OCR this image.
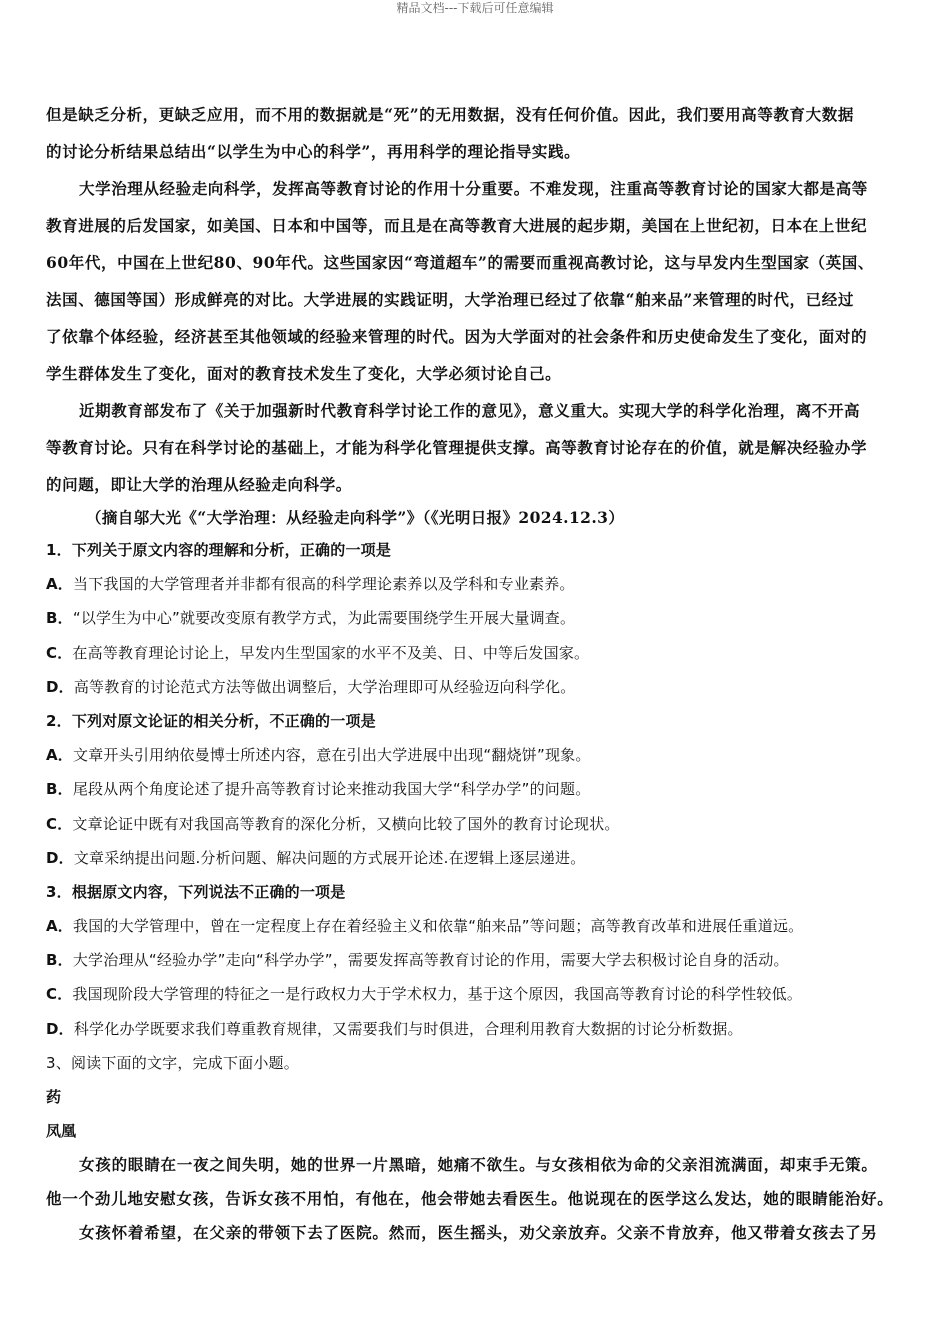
精品文档---下载后可任意编辑

但是缺乏分析，更缺乏应用，而不用的数据就是“死”的无用数据，没有任何价值。因此，我们要用高等教育大数据
的讨论分析结果总结出“以学生为中心的科学”，再用科学的理论指导实践。

大学治理从经验走向科学，发挥高等教育讨论的作用十分重要。不难发现，注重高等教育讨论的国家大都是高等
教育进展的后发国家，如美国、日本和中国等，而且是在高等教育大进展的起步期，美国在上世纪初，日本在上世纪
60年代，中国在上世纪80、90年代。这些国家因“弯道超车”的需要而重视高教讨论，这与早发内生型国家（英国、
法国、德国等国）形成鲜亮的对比。大学进展的实践证明，大学治理已经过了依靠“舶来品”来管理的时代，已经过
了依靠个体经验，经济甚至其他领域的经验来管理的时代。因为大学面对的社会条件和历史使命发生了变化，面对的
学生群体发生了变化，面对的教育技术发生了变化，大学必须讨论自己。

近期教育部发布了《关于加强新时代教育科学讨论工作的意见》，意义重大。实现大学的科学化治理，离不开高
等教育讨论。只有在科学讨论的基础上，才能为科学化管理提供支撑。高等教育讨论存在的价值，就是解决经验办学
的问题，即让大学的治理从经验走向科学。

（摘自邬大光《“大学治理：从经验走向科学”》（《光明日报》2024.12.3）
1．下列关于原文内容的理解和分析，正确的一项是
A．当下我国的大学管理者并非都有很高的科学理论素养以及学科和专业素养。
B．“以学生为中心”就要改变原有教学方式，为此需要围绕学生开展大量调查。
C．在高等教育理论讨论上，早发内生型国家的水平不及美、日、中等后发国家。
D．高等教育的讨论范式方法等做出调整后，大学治理即可从经验迈向科学化。
2．下列对原文论证的相关分析，不正确的一项是
A．文章开头引用纳依曼博士所述内容，意在引出大学进展中出现“翻烧饼”现象。
B．尾段从两个角度论述了提升高等教育讨论来推动我国大学“科学办学”的问题。
C．文章论证中既有对我国高等教育的深化分析，又横向比较了国外的教育讨论现状。
D．文章采纳提出问题.分析问题、解决问题的方式展开论述.在逻辑上逐层递进。
3．根据原文内容，下列说法不正确的一项是
A．我国的大学管理中，曾在一定程度上存在着经验主义和依靠“舶来品”等问题；高等教育改革和进展任重道远。
B．大学治理从“经验办学”走向“科学办学”，需要发挥高等教育讨论的作用，需要大学去积极讨论自身的活动。
C．我国现阶段大学管理的特征之一是行政权力大于学术权力，基于这个原因，我国高等教育讨论的科学性较低。
D．科学化办学既要求我们尊重教育规律，又需要我们与时俱进，合理利用教育大数据的讨论分析数据。
3、阅读下面的文字，完成下面小题。
药
凤凰

女孩的眼睛在一夜之间失明，她的世界一片黑暗，她痛不欲生。与女孩相依为命的父亲泪流满面，却束手无策。
他一个劲儿地安慰女孩，告诉女孩不用怕，有他在，他会带她去看医生。他说现在的医学这么发达，她的眼睛能治好。

女孩怀着希望，在父亲的带领下去了医院。然而，医生摇头，劝父亲放弃。父亲不肯放弃，他又带着女孩去了另
